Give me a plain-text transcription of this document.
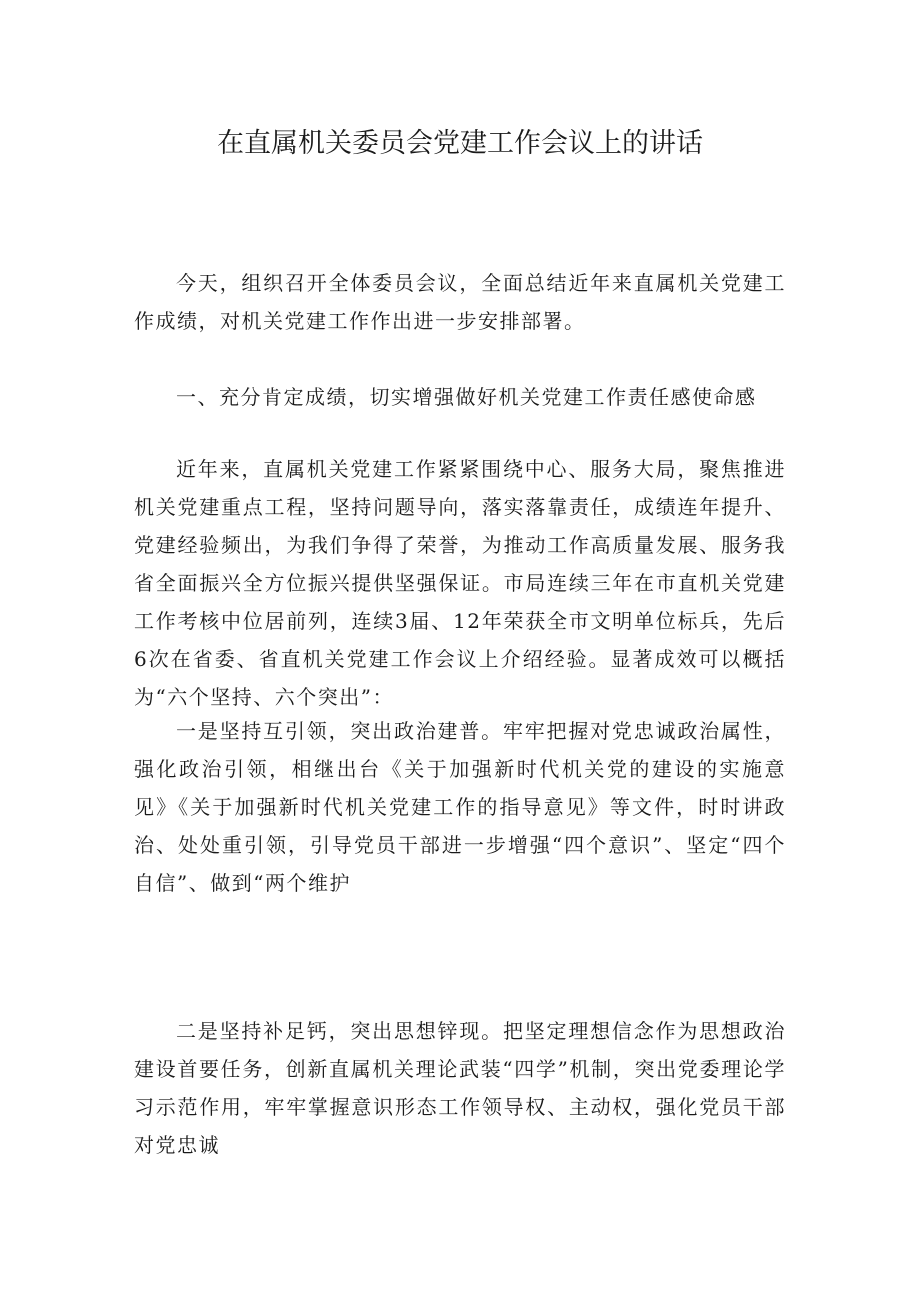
在直属机关委员会党建工作会议上的讲话

今天，组织召开全体委员会议，全面总结近年来直属机关党建工作成绩，对机关党建工作作出进一步安排部署。

一、充分肯定成绩，切实增强做好机关党建工作责任感使命感

近年来，直属机关党建工作紧紧围绕中心、服务大局，聚焦推进机关党建重点工程，坚持问题导向，落实落靠责任，成绩连年提升、党建经验频出，为我们争得了荣誉，为推动工作高质量发展、服务我省全面振兴全方位振兴提供坚强保证。市局连续三年在市直机关党建工作考核中位居前列，连续3届、12年荣获全市文明单位标兵，先后6次在省委、省直机关党建工作会议上介绍经验。显著成效可以概括为“六个坚持、六个突出”：

一是坚持互引领，突出政治建普。牢牢把握对党忠诚政治属性，强化政治引领，相继出台《关于加强新时代机关党的建设的实施意见》《关于加强新时代机关党建工作的指导意见》等文件，时时讲政治、处处重引领，引导党员干部进一步增强“四个意识”、坚定“四个自信”、做到“两个维护

二是坚持补足钙，突出思想锌现。把坚定理想信念作为思想政治建设首要任务，创新直属机关理论武装“四学”机制，突出党委理论学习示范作用，牢牢掌握意识形态工作领导权、主动权，强化党员干部对党忠诚
